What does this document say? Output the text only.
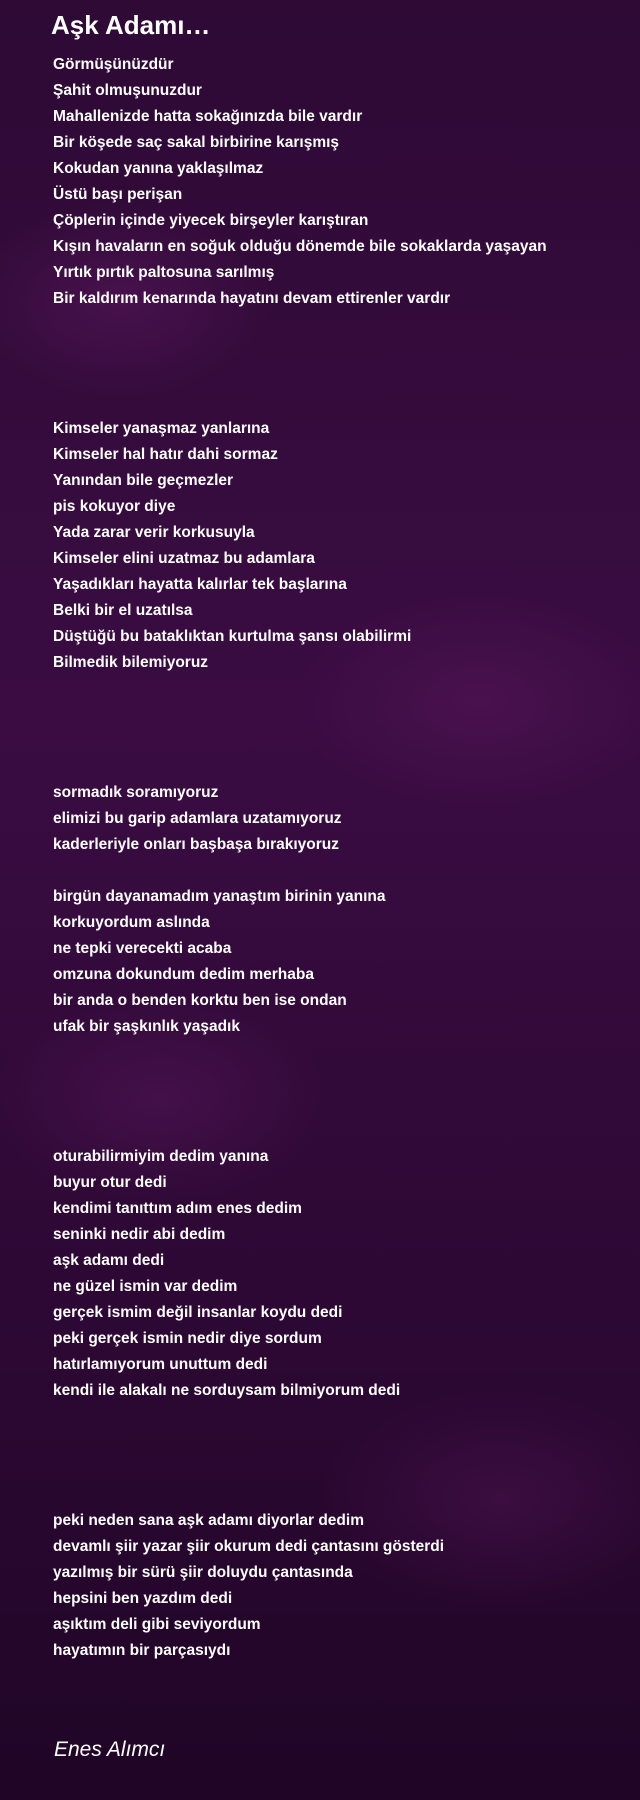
Aşk Adamı…
Görmüşünüzdür
Şahit olmuşunuzdur
Mahallenizde hatta sokağınızda bile vardır
Bir köşede saç sakal birbirine karışmış
Kokudan yanına yaklaşılmaz
Üstü başı perişan
Çöplerin içinde yiyecek birşeyler karıştıran
Kışın havaların en soğuk olduğu dönemde bile sokaklarda yaşayan
Yırtık pırtık paltosuna sarılmış
Bir kaldırım kenarında hayatını devam ettirenler vardır
Kimseler yanaşmaz yanlarına
Kimseler hal hatır dahi sormaz
Yanından bile geçmezler
pis kokuyor diye
Yada zarar verir korkusuyla
Kimseler elini uzatmaz bu adamlara
Yaşadıkları hayatta kalırlar tek başlarına
Belki bir el uzatılsa
Düştüğü bu bataklıktan kurtulma şansı olabilirmi
Bilmedik bilemiyoruz
sormadık soramıyoruz
elimizi bu garip adamlara uzatamıyoruz
kaderleriyle onları başbaşa bırakıyoruz
birgün dayanamadım yanaştım birinin yanına
korkuyordum aslında
ne tepki verecekti acaba
omzuna dokundum dedim merhaba
bir anda o benden korktu ben ise ondan
ufak bir şaşkınlık yaşadık
oturabilirmiyim dedim yanına
buyur otur dedi
kendimi tanıttım adım enes dedim
seninki nedir abi dedim
aşk adamı dedi
ne güzel ismin var dedim
gerçek ismim değil insanlar koydu dedi
peki gerçek ismin nedir diye sordum
hatırlamıyorum unuttum dedi
kendi ile alakalı ne sorduysam bilmiyorum dedi
peki neden sana aşk adamı diyorlar dedim
devamlı şiir yazar şiir okurum dedi çantasını gösterdi
yazılmış bir sürü şiir doluydu çantasında
hepsini ben yazdım dedi
aşıktım deli gibi seviyordum
hayatımın bir parçasıydı
Enes Alımcı
